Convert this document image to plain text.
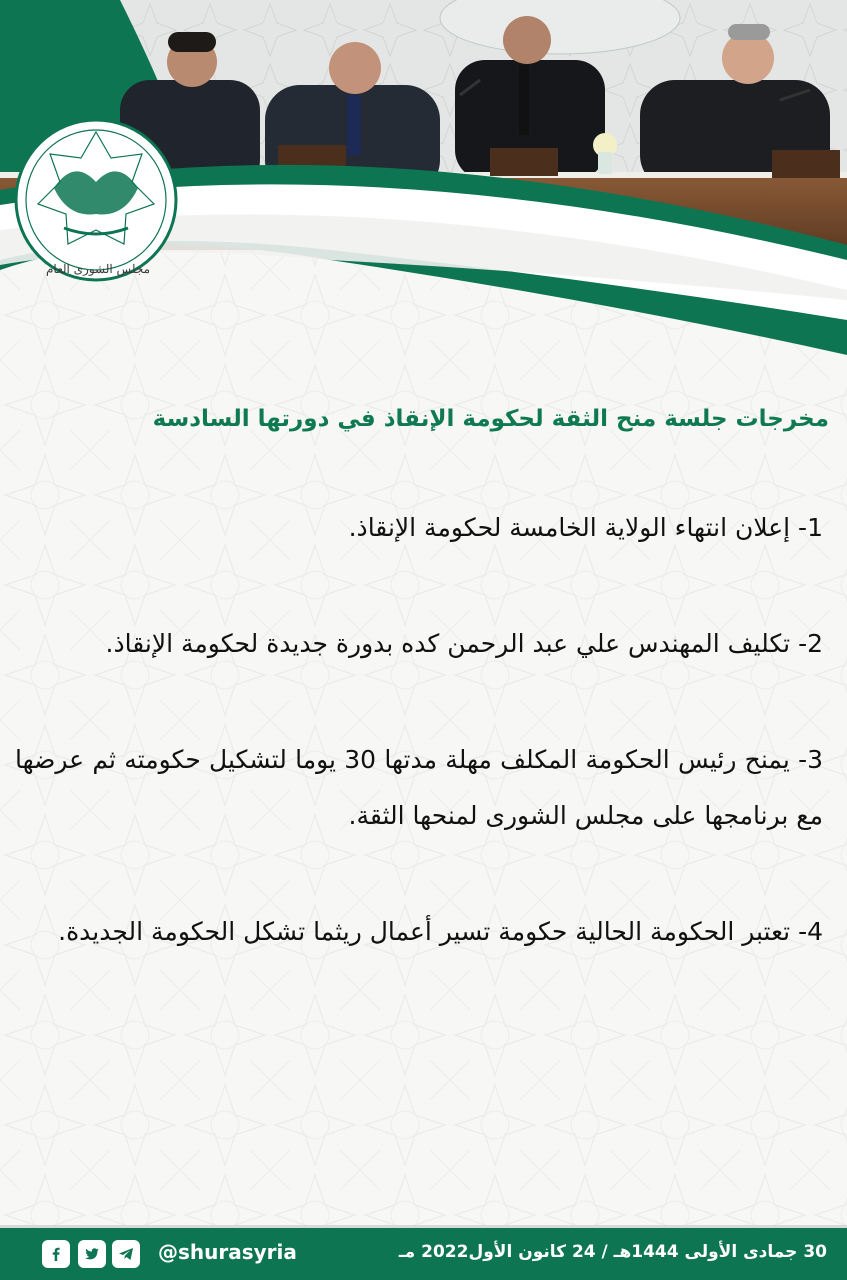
مجلس الشورى العام
مخرجات جلسة منح الثقة لحكومة الإنقاذ في دورتها السادسة
1- إعلان انتهاء الولاية الخامسة لحكومة الإنقاذ.
2- تكليف المهندس علي عبد الرحمن كده بدورة جديدة لحكومة الإنقاذ.
3- يمنح رئيس الحكومة المكلف مهلة مدتها 30 يوما لتشكيل حكومته ثم عرضها مع برنامجها على مجلس الشورى لمنحها الثقة.
4- تعتبر الحكومة الحالية حكومة تسير أعمال ريثما تشكل الحكومة الجديدة.
30 جمادى الأولى 1444هـ / 24 كانون الأول2022 مـ
@shurasyria
